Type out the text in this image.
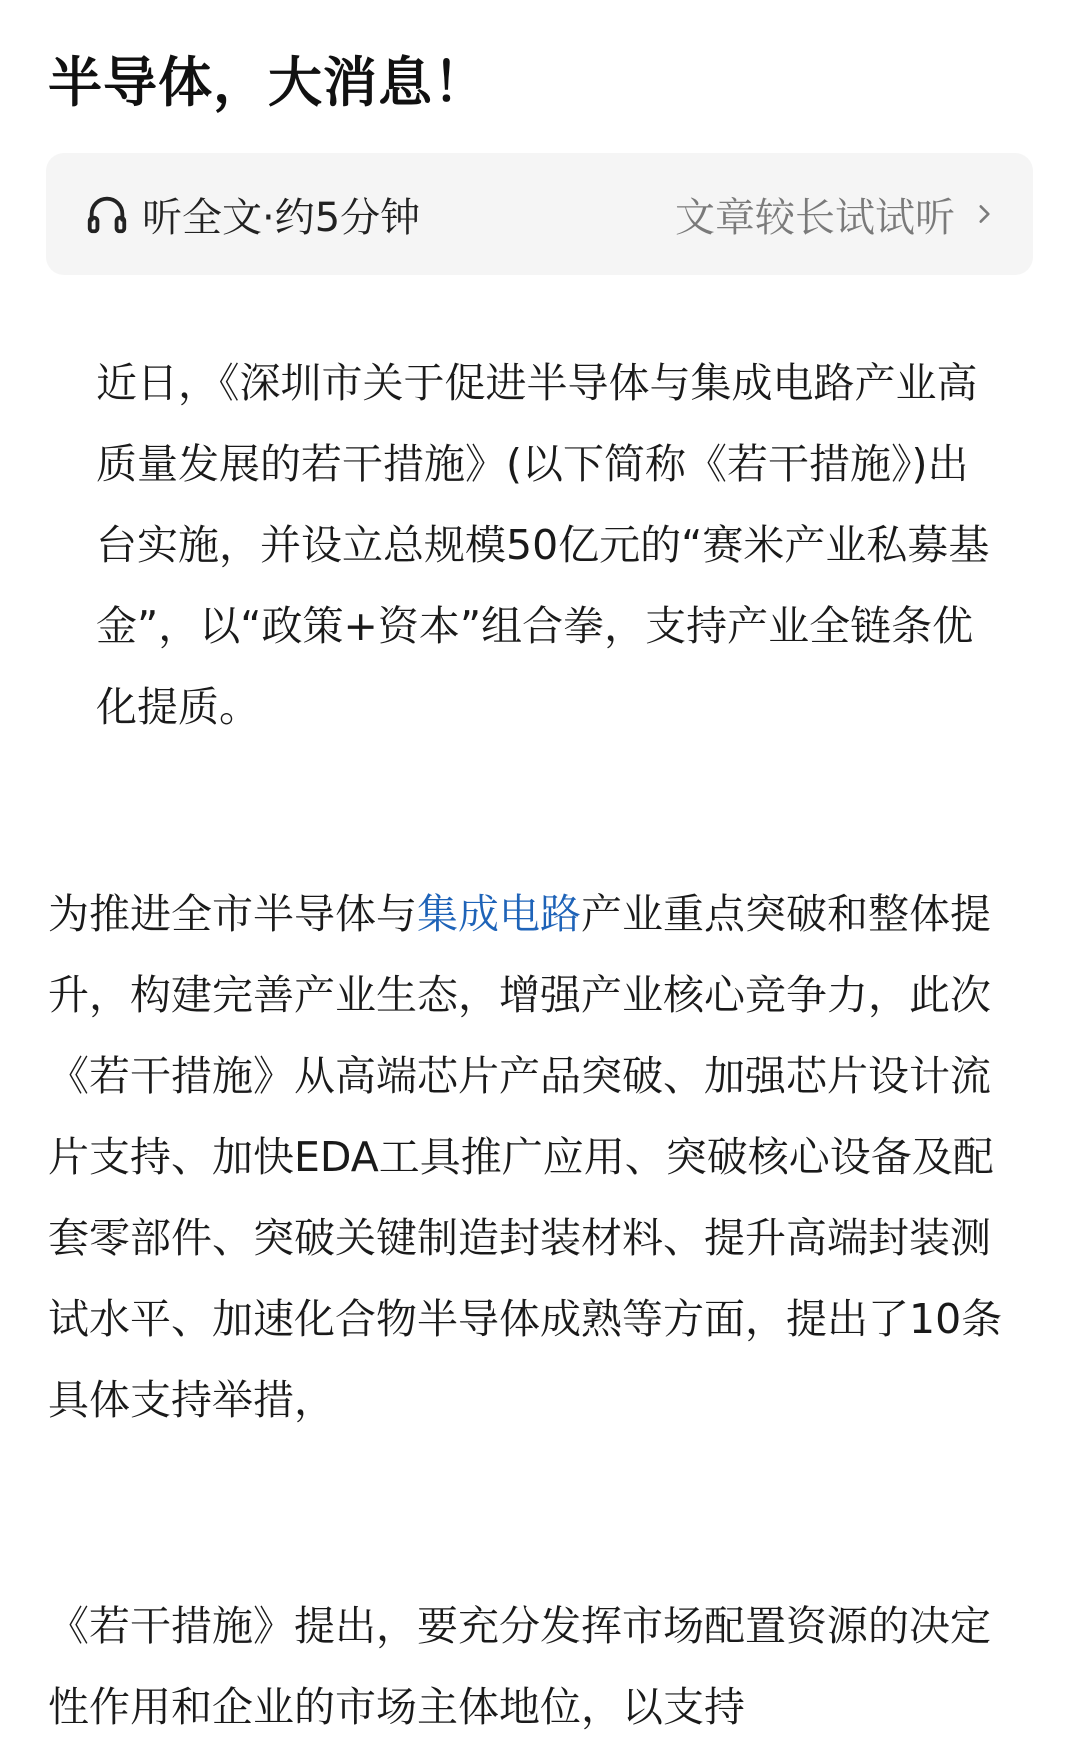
半导体，大消息！
听全文·约5分钟	文章较长试试听

近日，《深圳市关于促进半导体与集成电路产业高质量发展的若干措施》(以下简称《若干措施》)出台实施，并设立总规模50亿元的“赛米产业私募基金”，以“政策+资本”组合拳，支持产业全链条优化提质。

为推进全市半导体与集成电路产业重点突破和整体提升，构建完善产业生态，增强产业核心竞争力，此次《若干措施》从高端芯片产品突破、加强芯片设计流片支持、加快EDA工具推广应用、突破核心设备及配套零部件、突破关键制造封装材料、提升高端封装测试水平、加速化合物半导体成熟等方面，提出了10条具体支持举措，

《若干措施》提出，要充分发挥市场配置资源的决定性作用和企业的市场主体地位，以支持
